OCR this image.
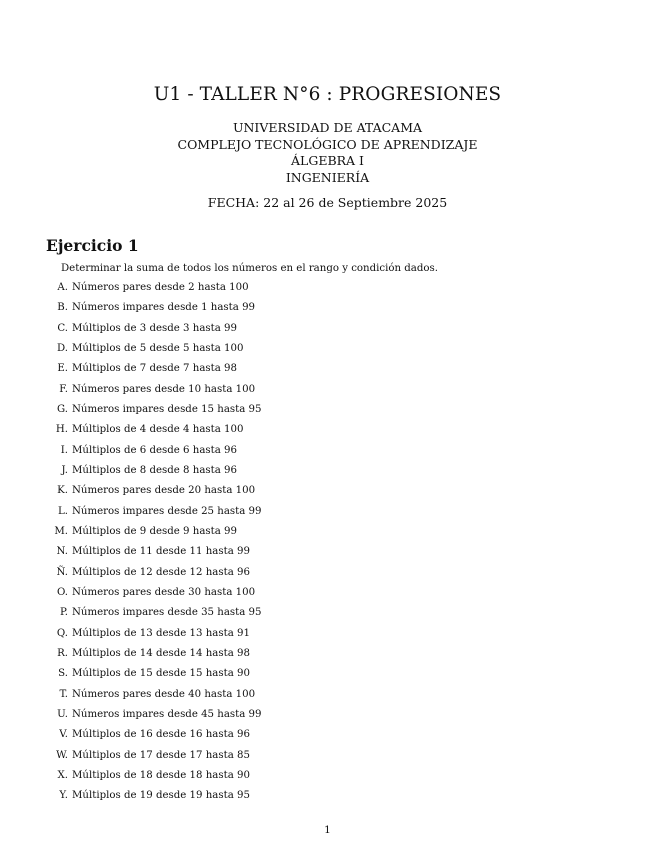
U1 - TALLER N°6 : PROGRESIONES
UNIVERSIDAD DE ATACAMA
COMPLEJO TECNOLÓGICO DE APRENDIZAJE
ÁLGEBRA I
INGENIERÍA
FECHA: 22 al 26 de Septiembre 2025
Ejercicio 1
Determinar la suma de todos los números en el rango y condición dados.
A. Números pares desde 2 hasta 100
B. Números impares desde 1 hasta 99
C. Múltiplos de 3 desde 3 hasta 99
D. Múltiplos de 5 desde 5 hasta 100
E. Múltiplos de 7 desde 7 hasta 98
F. Números pares desde 10 hasta 100
G. Números impares desde 15 hasta 95
H. Múltiplos de 4 desde 4 hasta 100
I. Múltiplos de 6 desde 6 hasta 96
J. Múltiplos de 8 desde 8 hasta 96
K. Números pares desde 20 hasta 100
L. Números impares desde 25 hasta 99
M. Múltiplos de 9 desde 9 hasta 99
N. Múltiplos de 11 desde 11 hasta 99
Ñ. Múltiplos de 12 desde 12 hasta 96
O. Números pares desde 30 hasta 100
P. Números impares desde 35 hasta 95
Q. Múltiplos de 13 desde 13 hasta 91
R. Múltiplos de 14 desde 14 hasta 98
S. Múltiplos de 15 desde 15 hasta 90
T. Números pares desde 40 hasta 100
U. Números impares desde 45 hasta 99
V. Múltiplos de 16 desde 16 hasta 96
W. Múltiplos de 17 desde 17 hasta 85
X. Múltiplos de 18 desde 18 hasta 90
Y. Múltiplos de 19 desde 19 hasta 95
1
